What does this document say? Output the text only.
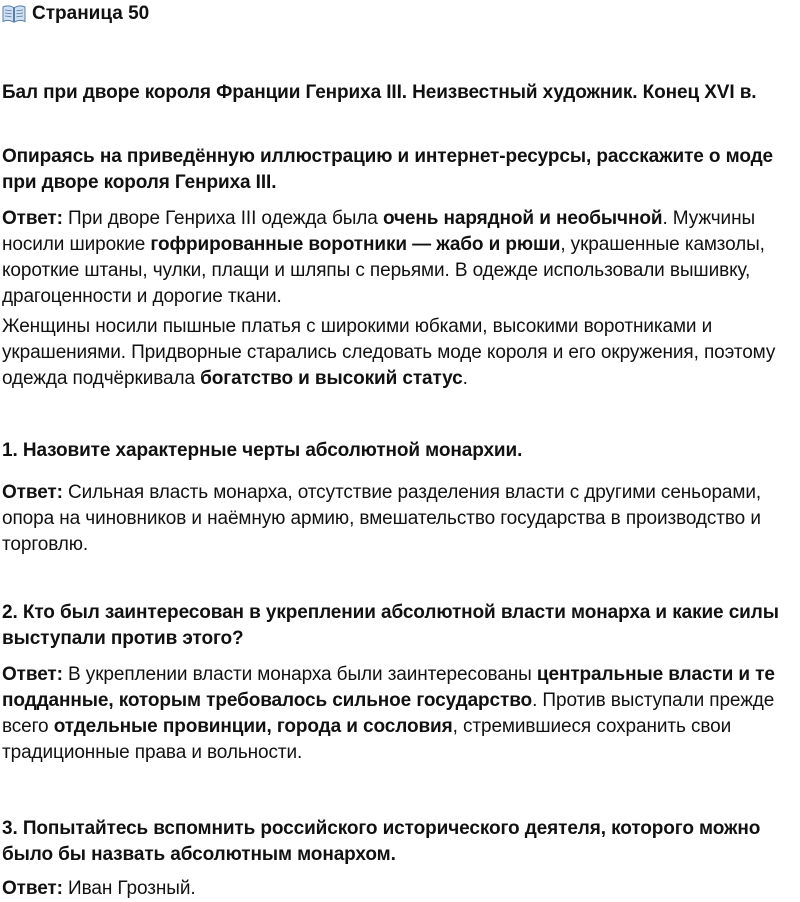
Страница 50

Бал при дворе короля Франции Генриха III. Неизвестный художник. Конец XVI в.

Опираясь на приведённую иллюстрацию и интернет-ресурсы, расскажите о моде при дворе короля Генриха III.

Ответ: При дворе Генриха III одежда была очень нарядной и необычной. Мужчины носили широкие гофрированные воротники — жабо и рюши, украшенные камзолы, короткие штаны, чулки, плащи и шляпы с перьями. В одежде использовали вышивку, драгоценности и дорогие ткани.

Женщины носили пышные платья с широкими юбками, высокими воротниками и украшениями. Придворные старались следовать моде короля и его окружения, поэтому одежда подчёркивала богатство и высокий статус.

1. Назовите характерные черты абсолютной монархии.

Ответ: Сильная власть монарха, отсутствие разделения власти с другими сеньорами, опора на чиновников и наёмную армию, вмешательство государства в производство и торговлю.

2. Кто был заинтересован в укреплении абсолютной власти монарха и какие силы выступали против этого?

Ответ: В укреплении власти монарха были заинтересованы центральные власти и те подданные, которым требовалось сильное государство. Против выступали прежде всего отдельные провинции, города и сословия, стремившиеся сохранить свои традиционные права и вольности.

3. Попытайтесь вспомнить российского исторического деятеля, которого можно было бы назвать абсолютным монархом.

Ответ: Иван Грозный.
